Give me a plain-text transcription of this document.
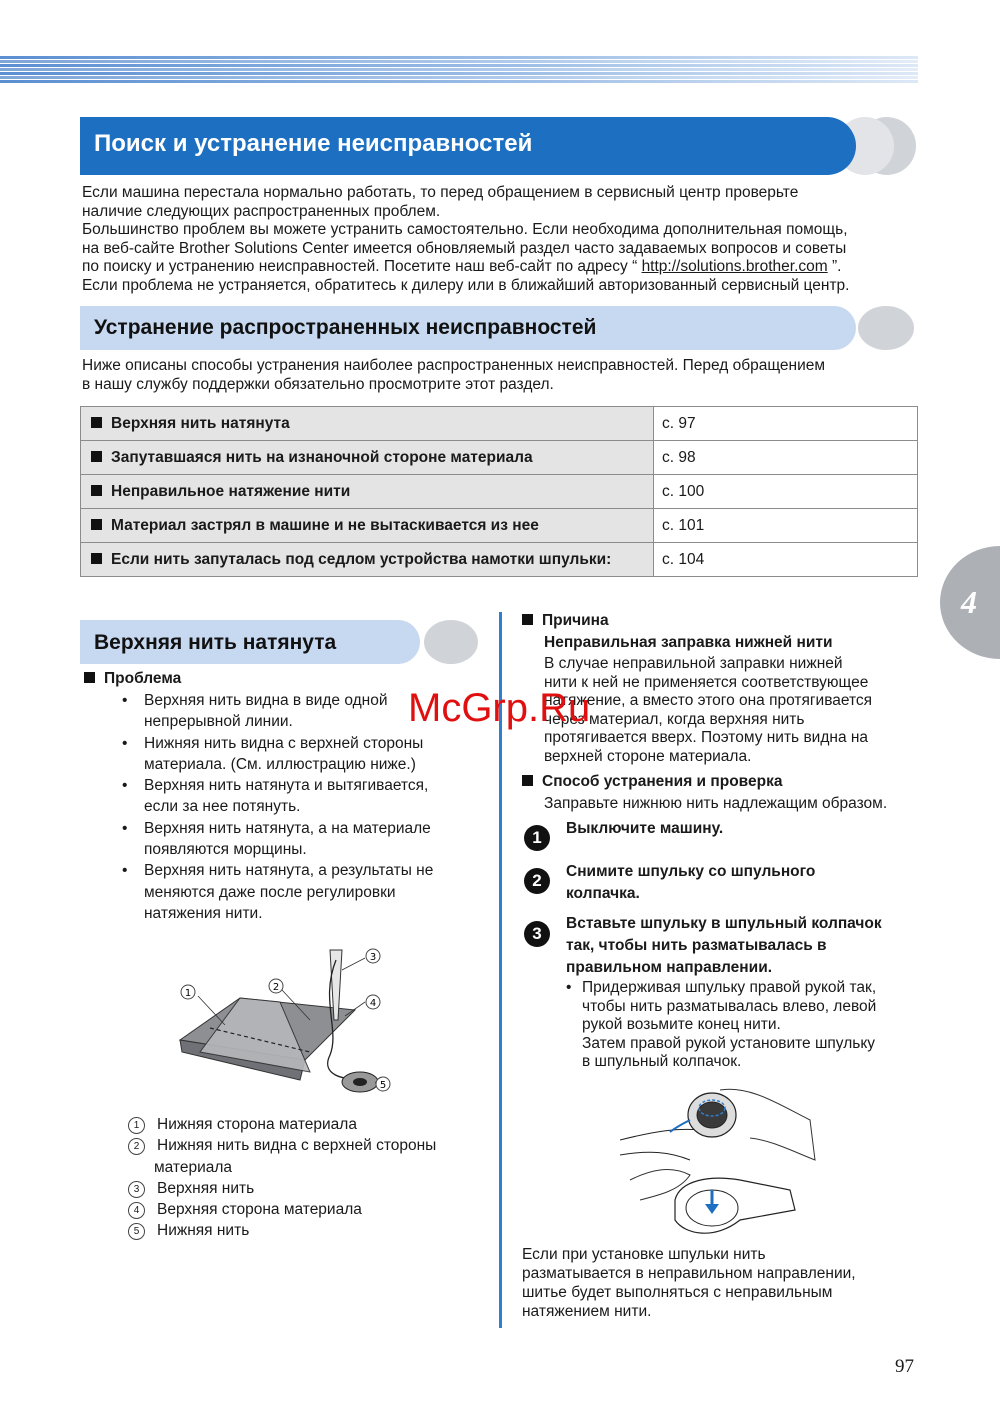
Поиск и устранение неисправностей
Если машина перестала нормально работать, то перед обращением в сервисный центр проверьте
наличие следующих распространенных проблем.
Большинство проблем вы можете устранить самостоятельно. Если необходима дополнительная помощь,
на веб-сайте Brother Solutions Center имеется обновляемый раздел часто задаваемых вопросов и советы
по поиску и устранению неисправностей. Посетите наш веб-сайт по адресу “ http://solutions.brother.com ”.
Если проблема не устраняется, обратитесь к дилеру или в ближайший авторизованный сервисный центр.
Устранение распространенных неисправностей
Ниже описаны способы устранения наиболее распространенных неисправностей. Перед обращением
в нашу службу поддержки обязательно просмотрите этот раздел.
Верхняя нить натянута	с. 97
Запутавшаяся нить на изнаночной стороне материала	с. 98
Неправильное натяжение нити	с. 100
Материал застрял в машине и не вытаскивается из нее	с. 101
Если нить запуталась под седлом устройства намотки шпульки:	с. 104
4
Верхняя нить натянута
Проблема
• Верхняя нить видна в виде одной
непрерывной линии.
• Нижняя нить видна с верхней стороны
материала. (См. иллюстрацию ниже.)
• Верхняя нить натянута и вытягивается,
если за нее потянуть.
• Верхняя нить натянута, а на материале
появляются морщины.
• Верхняя нить натянута, а результаты не
меняются даже после регулировки
натяжения нити.
1
2
3
4
5
1 Нижняя сторона материала
2 Нижняя нить видна с верхней стороны
материала
3 Верхняя нить
4 Верхняя сторона материала
5 Нижняя нить
Причина
Неправильная заправка нижней нити
В случае неправильной заправки нижней
нити к ней не применяется соответствующее
натяжение, а вместо этого она протягивается
через материал, когда верхняя нить
протягивается вверх. Поэтому нить видна на
верхней стороне материала.
Способ устранения и проверка
Заправьте нижнюю нить надлежащим образом.
1	Выключите машину.
2	Снимите шпульку со шпульного
колпачка.
3
Вставьте шпульку в шпульный колпачок
так, чтобы нить разматывалась в
правильном направлении.
• Придерживая шпульку правой рукой так,
чтобы нить разматывалась влево, левой
рукой возьмите конец нити.
Затем правой рукой установите шпульку
в шпульный колпачок.
Если при установке шпульки нить
разматывается в неправильном направлении,
шитье будет выполняться с неправильным
натяжением нити.
McGrp.Ru
97
